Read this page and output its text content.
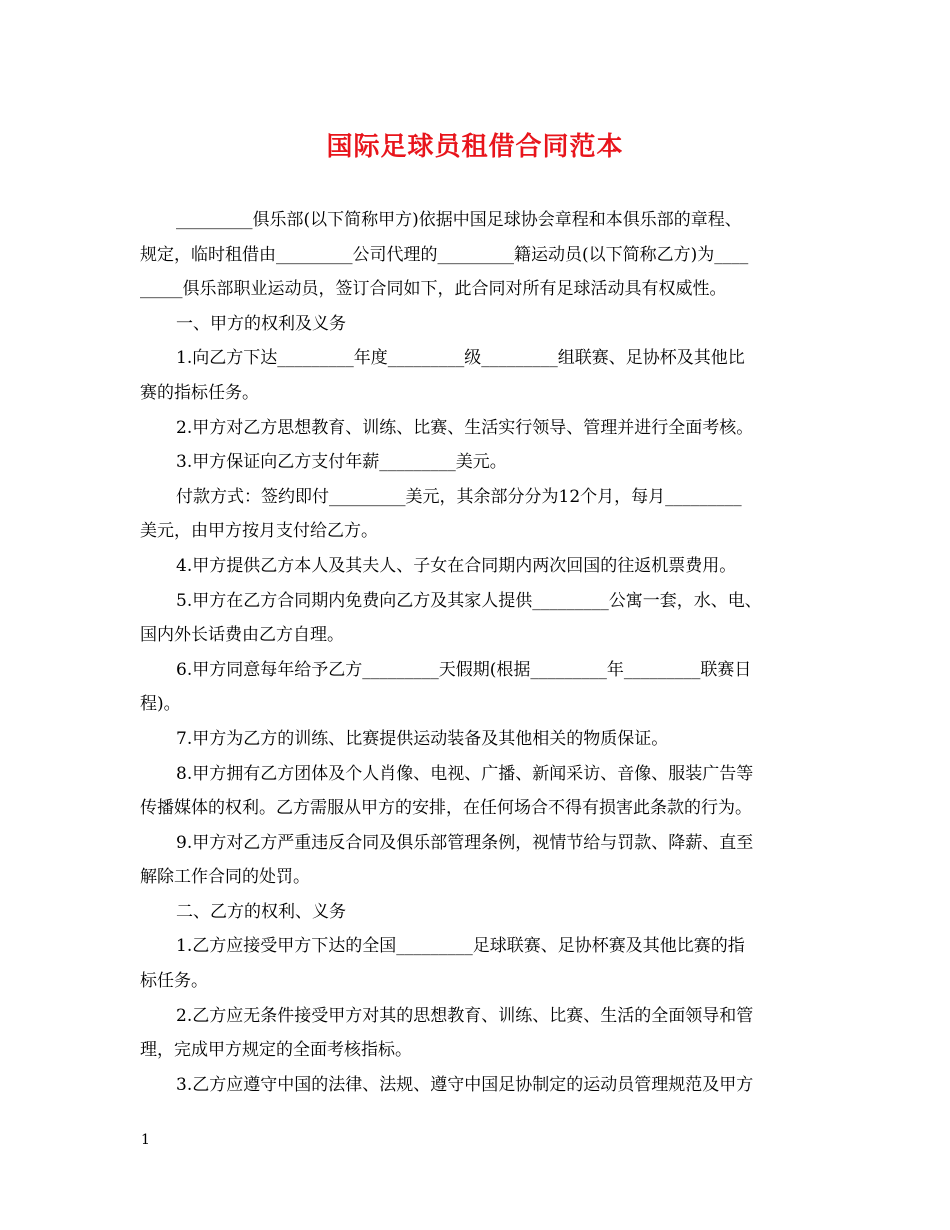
国际足球员租借合同范本

_________俱乐部(以下简称甲方)依据中国足球协会章程和本俱乐部的章程、

规定，临时租借由_________公司代理的_________籍运动员(以下简称乙方)为____

_____俱乐部职业运动员，签订合同如下，此合同对所有足球活动具有权威性。

一、甲方的权利及义务

1.向乙方下达_________年度_________级_________组联赛、足协杯及其他比

赛的指标任务。

2.甲方对乙方思想教育、训练、比赛、生活实行领导、管理并进行全面考核。

3.甲方保证向乙方支付年薪_________美元。

付款方式：签约即付_________美元，其余部分分为12个月，每月_________

美元，由甲方按月支付给乙方。

4.甲方提供乙方本人及其夫人、子女在合同期内两次回国的往返机票费用。

5.甲方在乙方合同期内免费向乙方及其家人提供_________公寓一套，水、电、

国内外长话费由乙方自理。

6.甲方同意每年给予乙方_________天假期(根据_________年_________联赛日

程)。

7.甲方为乙方的训练、比赛提供运动装备及其他相关的物质保证。

8.甲方拥有乙方团体及个人肖像、电视、广播、新闻采访、音像、服装广告等

传播媒体的权利。乙方需服从甲方的安排，在任何场合不得有损害此条款的行为。

9.甲方对乙方严重违反合同及俱乐部管理条例，视情节给与罚款、降薪、直至

解除工作合同的处罚。

二、乙方的权利、义务

1.乙方应接受甲方下达的全国_________足球联赛、足协杯赛及其他比赛的指

标任务。

2.乙方应无条件接受甲方对其的思想教育、训练、比赛、生活的全面领导和管

理，完成甲方规定的全面考核指标。

3.乙方应遵守中国的法律、法规、遵守中国足协制定的运动员管理规范及甲方

1
